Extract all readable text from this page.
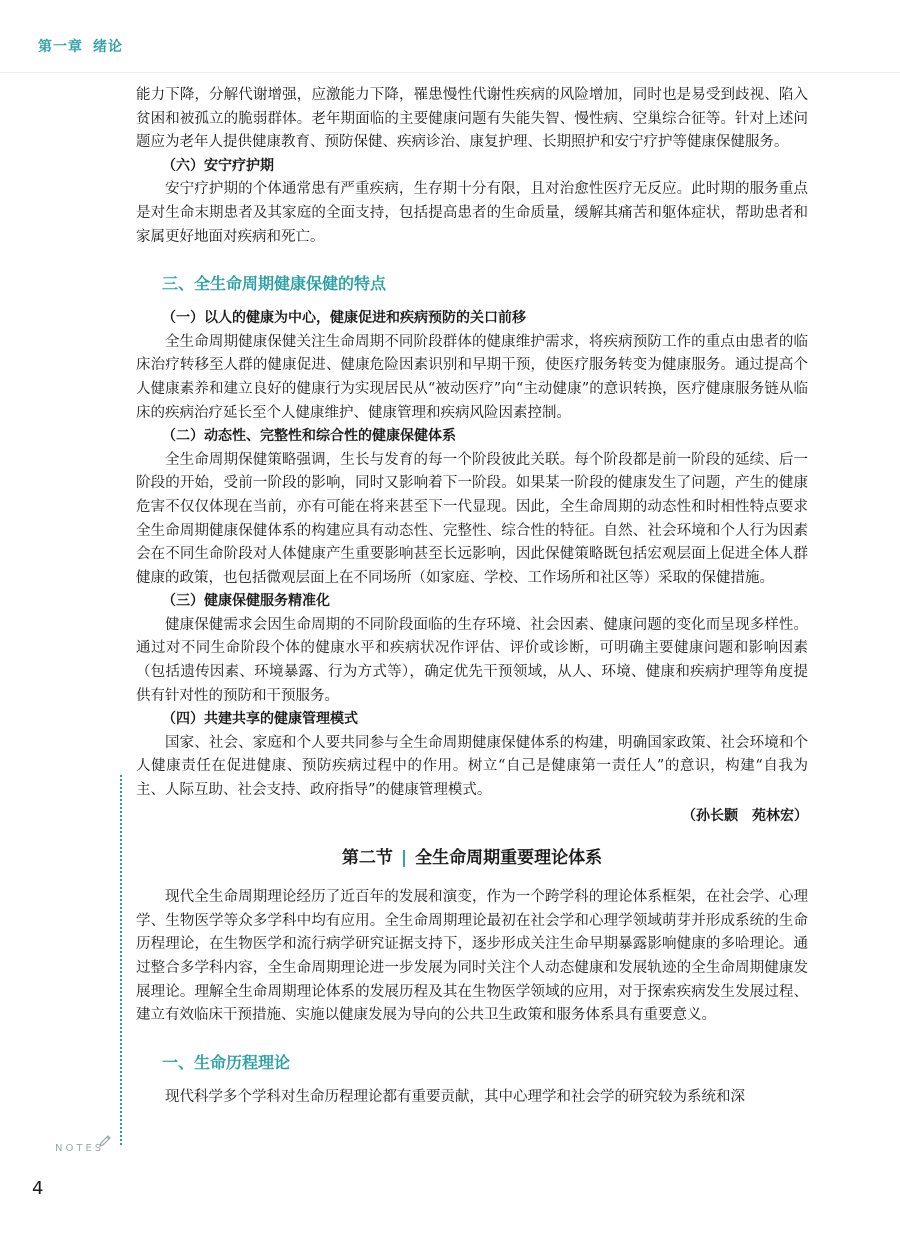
第一章 绪论

能力下降，分解代谢增强，应激能力下降，罹患慢性代谢性疾病的风险增加，同时也是易受到歧视、陷入贫困和被孤立的脆弱群体。老年期面临的主要健康问题有失能失智、慢性病、空巢综合征等。针对上述问题应为老年人提供健康教育、预防保健、疾病诊治、康复护理、长期照护和安宁疗护等健康保健服务。

（六）安宁疗护期

安宁疗护期的个体通常患有严重疾病，生存期十分有限，且对治愈性医疗无反应。此时期的服务重点是对生命末期患者及其家庭的全面支持，包括提高患者的生命质量，缓解其痛苦和躯体症状，帮助患者和家属更好地面对疾病和死亡。

三、全生命周期健康保健的特点
（一）以人的健康为中心，健康促进和疾病预防的关口前移

全生命周期健康保健关注生命周期不同阶段群体的健康维护需求，将疾病预防工作的重点由患者的临床治疗转移至人群的健康促进、健康危险因素识别和早期干预，使医疗服务转变为健康服务。通过提高个人健康素养和建立良好的健康行为实现居民从“被动医疗”向“主动健康”的意识转换，医疗健康服务链从临床的疾病治疗延长至个人健康维护、健康管理和疾病风险因素控制。

（二）动态性、完整性和综合性的健康保健体系

全生命周期保健策略强调，生长与发育的每一个阶段彼此关联。每个阶段都是前一阶段的延续、后一阶段的开始，受前一阶段的影响，同时又影响着下一阶段。如果某一阶段的健康发生了问题，产生的健康危害不仅仅体现在当前，亦有可能在将来甚至下一代显现。因此，全生命周期的动态性和时相性特点要求全生命周期健康保健体系的构建应具有动态性、完整性、综合性的特征。自然、社会环境和个人行为因素会在不同生命阶段对人体健康产生重要影响甚至长远影响，因此保健策略既包括宏观层面上促进全体人群健康的政策，也包括微观层面上在不同场所（如家庭、学校、工作场所和社区等）采取的保健措施。

（三）健康保健服务精准化

健康保健需求会因生命周期的不同阶段面临的生存环境、社会因素、健康问题的变化而呈现多样性。通过对不同生命阶段个体的健康水平和疾病状况作评估、评价或诊断，可明确主要健康问题和影响因素（包括遗传因素、环境暴露、行为方式等），确定优先干预领域，从人、环境、健康和疾病护理等角度提供有针对性的预防和干预服务。

（四）共建共享的健康管理模式

国家、社会、家庭和个人要共同参与全生命周期健康保健体系的构建，明确国家政策、社会环境和个人健康责任在促进健康、预防疾病过程中的作用。树立“自己是健康第一责任人”的意识，构建“自我为主、人际互助、社会支持、政府指导”的健康管理模式。

（孙长颢　苑林宏）
第二节 | 全生命周期重要理论体系

现代全生命周期理论经历了近百年的发展和演变，作为一个跨学科的理论体系框架，在社会学、心理学、生物医学等众多学科中均有应用。全生命周期理论最初在社会学和心理学领域萌芽并形成系统的生命历程理论，在生物医学和流行病学研究证据支持下，逐步形成关注生命早期暴露影响健康的多哈理论。通过整合多学科内容，全生命周期理论进一步发展为同时关注个人动态健康和发展轨迹的全生命周期健康发展理论。理解全生命周期理论体系的发展历程及其在生物医学领域的应用，对于探索疾病发生发展过程、建立有效临床干预措施、实施以健康发展为导向的公共卫生政策和服务体系具有重要意义。

一、生命历程理论

现代科学多个学科对生命历程理论都有重要贡献，其中心理学和社会学的研究较为系统和深

NOTES
4
